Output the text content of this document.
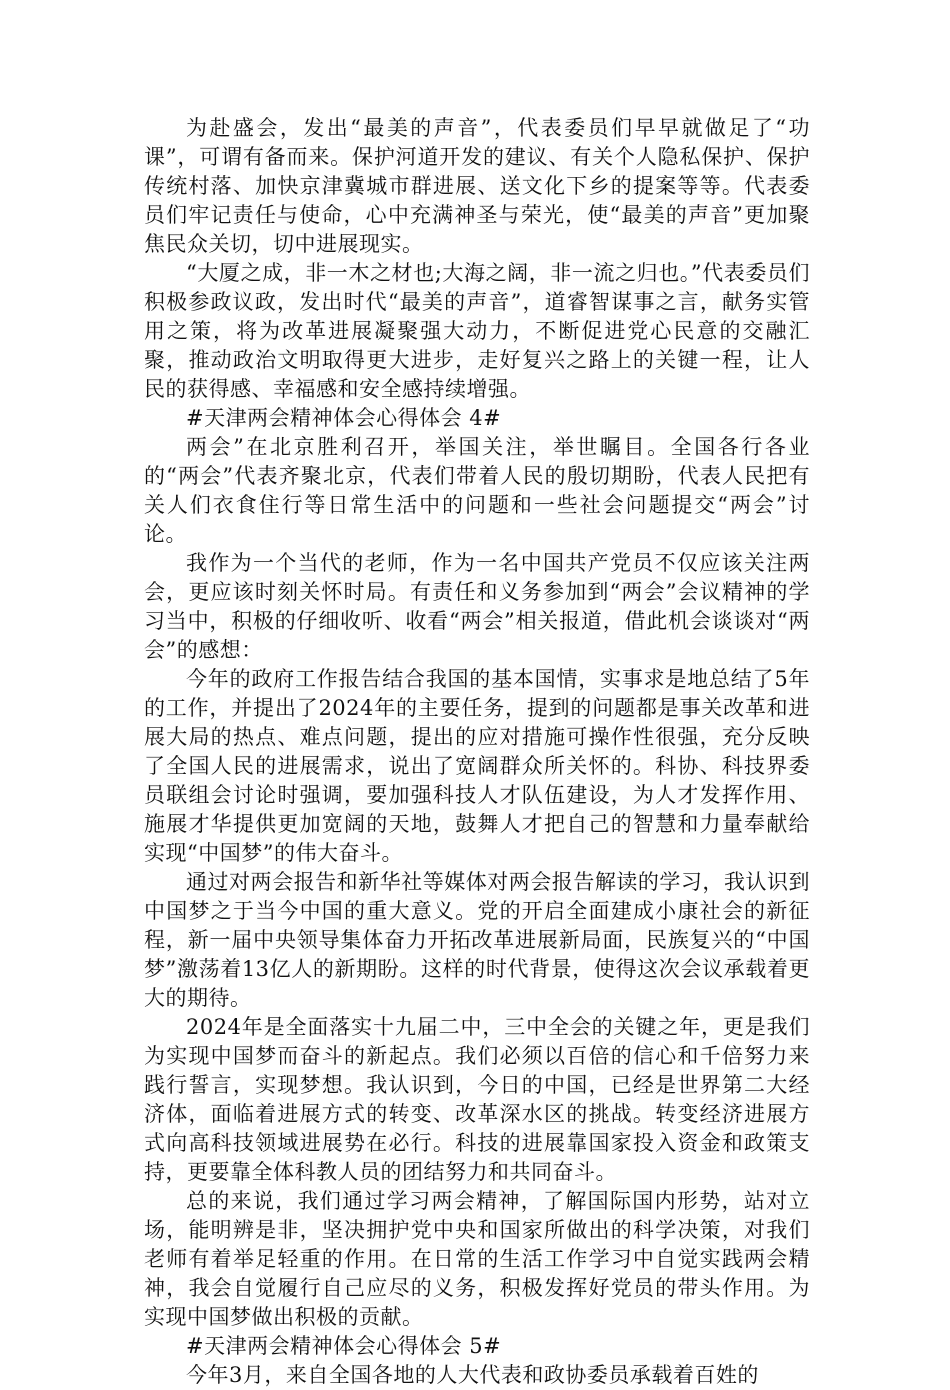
为赴盛会，发出“最美的声音”，代表委员们早早就做足了“功课”，可谓有备而来。保护河道开发的建议、有关个人隐私保护、保护传统村落、加快京津冀城市群进展、送文化下乡的提案等等。代表委员们牢记责任与使命，心中充满神圣与荣光，使“最美的声音”更加聚焦民众关切，切中进展现实。

“大厦之成，非一木之材也;大海之阔，非一流之归也。”代表委员们积极参政议政，发出时代“最美的声音”，道睿智谋事之言，献务实管用之策，将为改革进展凝聚强大动力，不断促进党心民意的交融汇聚，推动政治文明取得更大进步，走好复兴之路上的关键一程，让人民的获得感、幸福感和安全感持续增强。

#天津两会精神体会心得体会 4#

两会”在北京胜利召开，举国关注，举世瞩目。全国各行各业的“两会”代表齐聚北京，代表们带着人民的殷切期盼，代表人民把有关人们衣食住行等日常生活中的问题和一些社会问题提交“两会”讨论。

我作为一个当代的老师，作为一名中国共产党员不仅应该关注两会，更应该时刻关怀时局。有责任和义务参加到“两会”会议精神的学习当中，积极的仔细收听、收看“两会”相关报道，借此机会谈谈对“两会”的感想：

今年的政府工作报告结合我国的基本国情，实事求是地总结了5年的工作，并提出了2024年的主要任务，提到的问题都是事关改革和进展大局的热点、难点问题，提出的应对措施可操作性很强，充分反映了全国人民的进展需求，说出了宽阔群众所关怀的。科协、科技界委员联组会讨论时强调，要加强科技人才队伍建设，为人才发挥作用、施展才华提供更加宽阔的天地，鼓舞人才把自己的智慧和力量奉献给实现“中国梦”的伟大奋斗。

通过对两会报告和新华社等媒体对两会报告解读的学习，我认识到中国梦之于当今中国的重大意义。党的开启全面建成小康社会的新征程，新一届中央领导集体奋力开拓改革进展新局面，民族复兴的“中国梦”激荡着13亿人的新期盼。这样的时代背景，使得这次会议承载着更大的期待。

2024年是全面落实十九届二中，三中全会的关键之年，更是我们为实现中国梦而奋斗的新起点。我们必须以百倍的信心和千倍努力来践行誓言，实现梦想。我认识到，今日的中国，已经是世界第二大经济体，面临着进展方式的转变、改革深水区的挑战。转变经济进展方式向高科技领域进展势在必行。科技的进展靠国家投入资金和政策支持，更要靠全体科教人员的团结努力和共同奋斗。

总的来说，我们通过学习两会精神，了解国际国内形势，站对立场，能明辨是非，坚决拥护党中央和国家所做出的科学决策，对我们老师有着举足轻重的作用。在日常的生活工作学习中自觉实践两会精神，我会自觉履行自己应尽的义务，积极发挥好党员的带头作用。为实现中国梦做出积极的贡献。

#天津两会精神体会心得体会 5#

今年3月，来自全国各地的人大代表和政协委员承载着百姓的
